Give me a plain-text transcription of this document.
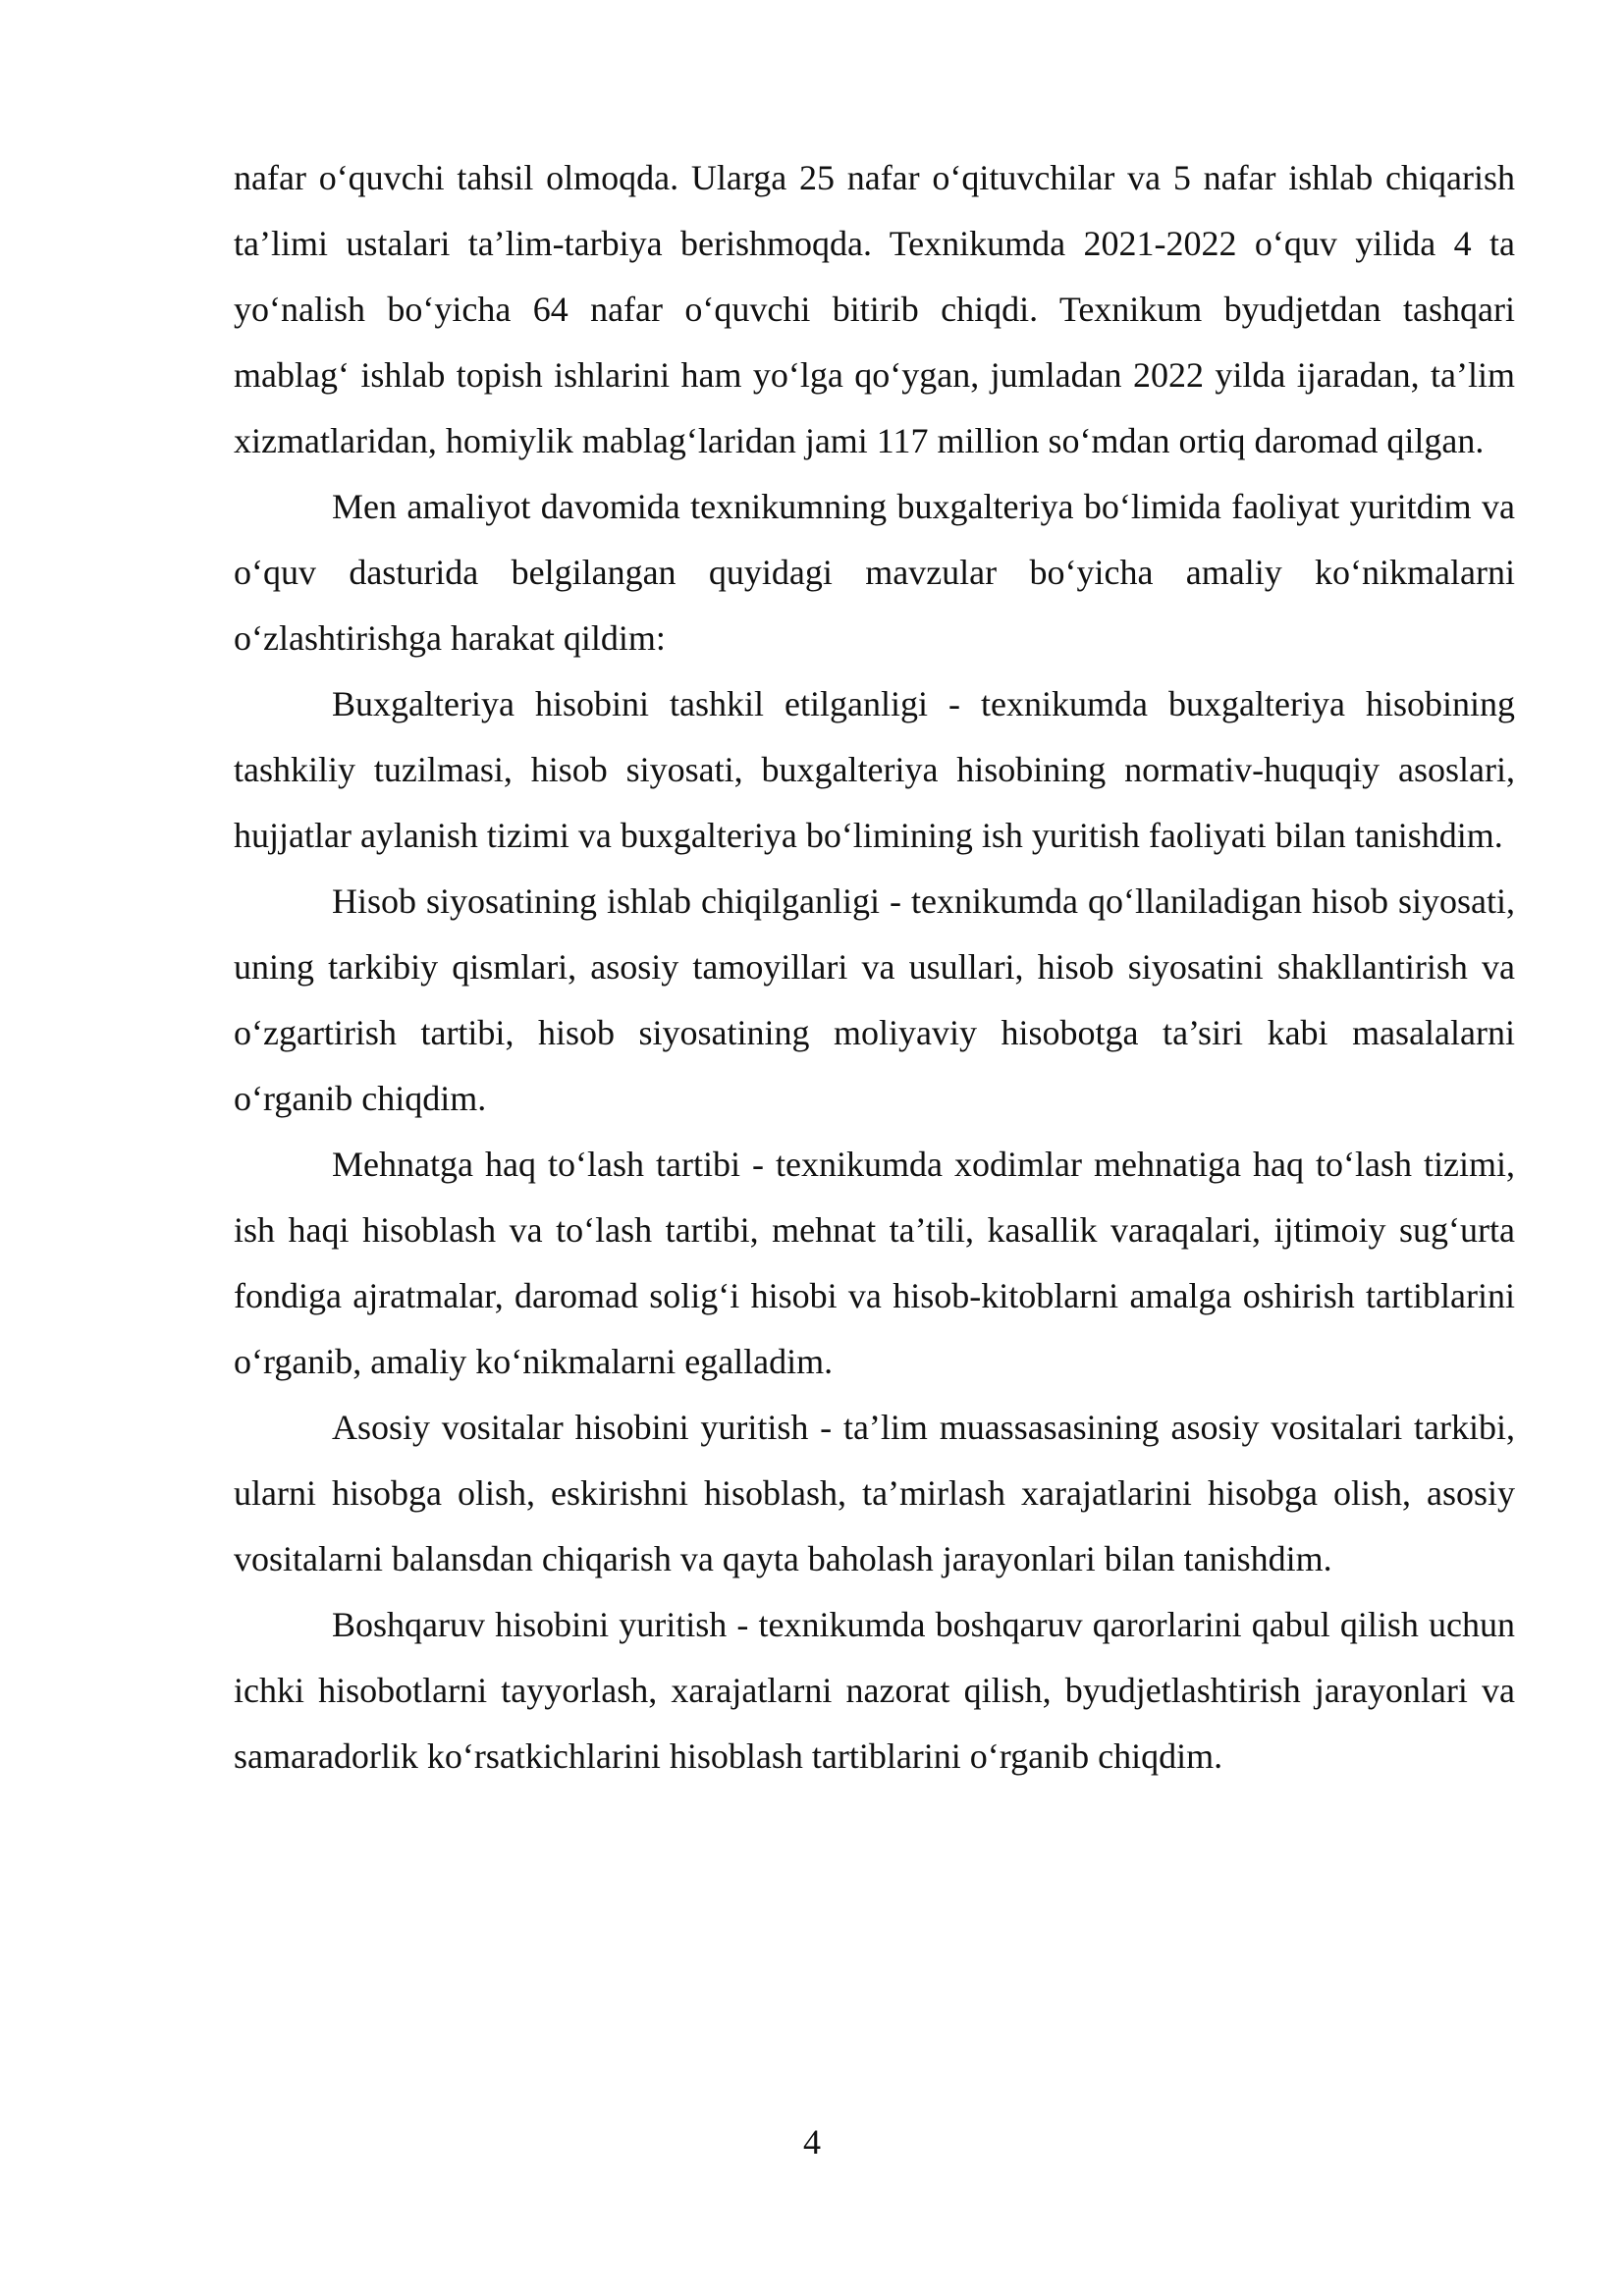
nafar o‘quvchi tahsil olmoqda. Ularga 25 nafar o‘qituvchilar va 5 nafar ishlab chiqarish ta’limi ustalari ta’lim-tarbiya berishmoqda. Texnikumda 2021-2022 o‘quv yilida 4 ta yo‘nalish bo‘yicha 64 nafar o‘quvchi bitirib chiqdi. Texnikum byudjetdan tashqari mablag‘ ishlab topish ishlarini ham yo‘lga qo‘ygan, jumladan 2022 yilda ijaradan, ta’lim xizmatlaridan, homiylik mablag‘laridan jami 117 million so‘mdan ortiq daromad qilgan.

Men amaliyot davomida texnikumning buxgalteriya bo‘limida faoliyat yuritdim va o‘quv dasturida belgilangan quyidagi mavzular bo‘yicha amaliy ko‘nikmalarni o‘zlashtirishga harakat qildim:

Buxgalteriya hisobini tashkil etilganligi - texnikumda buxgalteriya hisobining tashkiliy tuzilmasi, hisob siyosati, buxgalteriya hisobining normativ-huquqiy asoslari, hujjatlar aylanish tizimi va buxgalteriya bo‘limining ish yuritish faoliyati bilan tanishdim.

Hisob siyosatining ishlab chiqilganligi - texnikumda qo‘llaniladigan hisob siyosati, uning tarkibiy qismlari, asosiy tamoyillari va usullari, hisob siyosatini shakllantirish va o‘zgartirish tartibi, hisob siyosatining moliyaviy hisobotga ta’siri kabi masalalarni o‘rganib chiqdim.

Mehnatga haq to‘lash tartibi - texnikumda xodimlar mehnatiga haq to‘lash tizimi, ish haqi hisoblash va to‘lash tartibi, mehnat ta’tili, kasallik varaqalari, ijtimoiy sug‘urta fondiga ajratmalar, daromad solig‘i hisobi va hisob-kitoblarni amalga oshirish tartiblarini o‘rganib, amaliy ko‘nikmalarni egalladim.

Asosiy vositalar hisobini yuritish - ta’lim muassasasining asosiy vositalari tarkibi, ularni hisobga olish, eskirishni hisoblash, ta’mirlash xarajatlarini hisobga olish, asosiy vositalarni balansdan chiqarish va qayta baholash jarayonlari bilan tanishdim.

Boshqaruv hisobini yuritish - texnikumda boshqaruv qarorlarini qabul qilish uchun ichki hisobotlarni tayyorlash, xarajatlarni nazorat qilish, byudjetlashtirish jarayonlari va samaradorlik ko‘rsatkichlarini hisoblash tartiblarini o‘rganib chiqdim.

4
